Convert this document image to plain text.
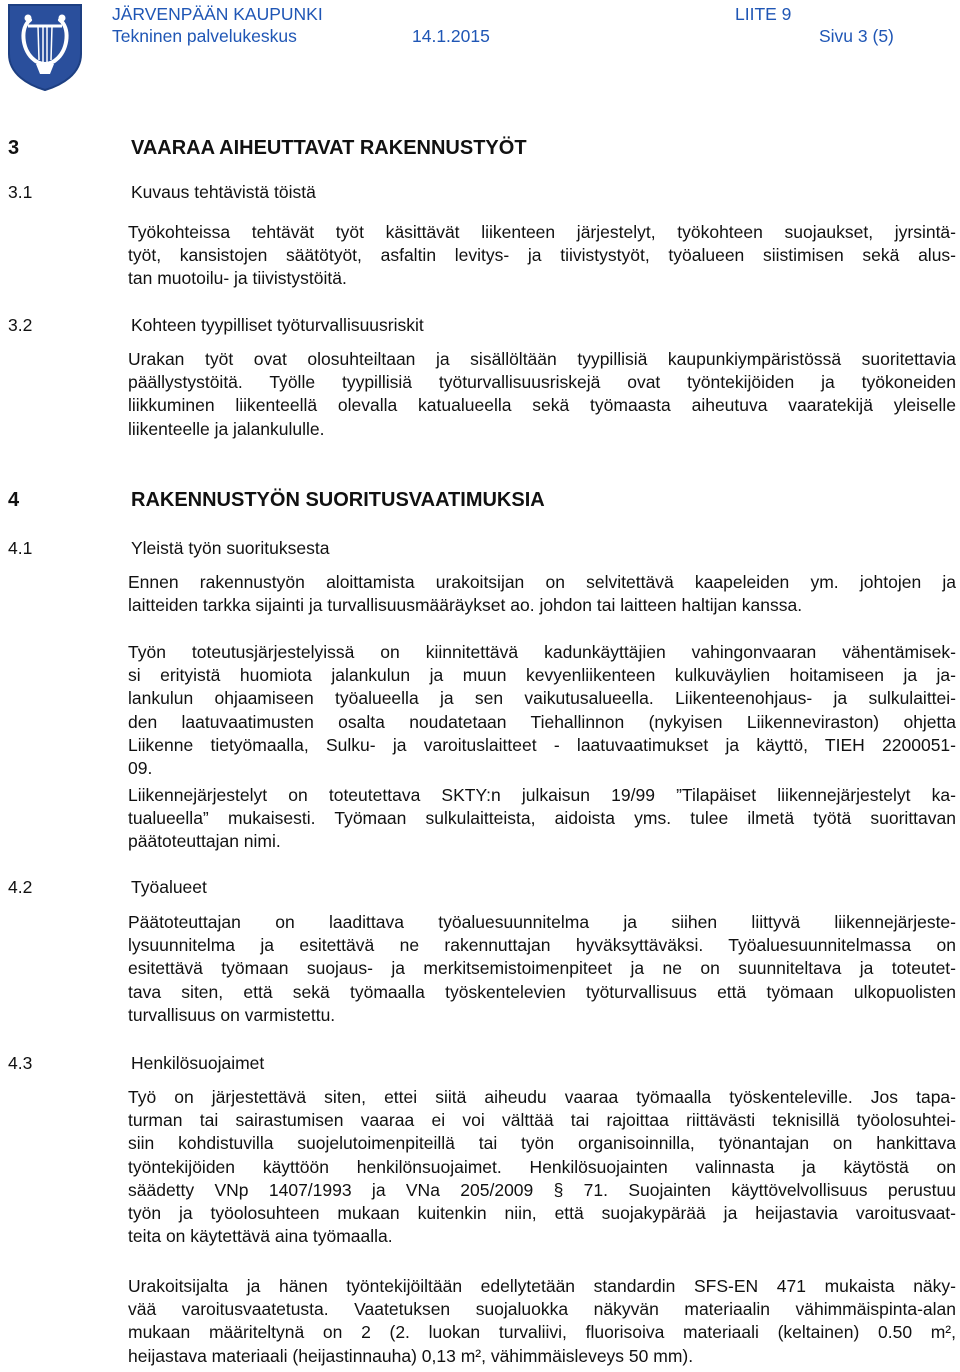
JÄRVENPÄÄN KAUPUNKI
Tekninen palvelukeskus	14.1.2015
LIITE 9
Sivu 3 (5)
3	VAARAA AIHEUTTAVAT RAKENNUSTYÖT
3.1	Kuvaus tehtävistä töistä
Työkohteissa tehtävät työt käsittävät liikenteen järjestelyt, työkohteen suojaukset, jyrsintä-
työt, kansistojen säätötyöt, asfaltin levitys- ja tiivistystyöt, työalueen siistimisen sekä alus-
tan muotoilu- ja tiivistystöitä.
3.2	Kohteen tyypilliset työturvallisuusriskit
Urakan työt ovat olosuhteiltaan ja sisällöltään tyypillisiä kaupunkiympäristössä suoritettavia
päällystystöitä. Työlle tyypillisiä työturvallisuusriskejä ovat työntekijöiden ja työkoneiden
liikkuminen liikenteellä olevalla katualueella sekä työmaasta aiheutuva vaaratekijä yleiselle
liikenteelle ja jalankululle.
4	RAKENNUSTYÖN SUORITUSVAATIMUKSIA
4.1	Yleistä työn suorituksesta
Ennen rakennustyön aloittamista urakoitsijan on selvitettävä kaapeleiden ym. johtojen ja
laitteiden tarkka sijainti ja turvallisuusmääräykset ao. johdon tai laitteen haltijan kanssa.
Työn toteutusjärjestelyissä on kiinnitettävä kadunkäyttäjien vahingonvaaran vähentämisek-
si erityistä huomiota jalankulun ja muun kevyenliikenteen kulkuväylien hoitamiseen ja ja-
lankulun ohjaamiseen työalueella ja sen vaikutusalueella. Liikenteenohjaus- ja sulkulaittei-
den laatuvaatimusten osalta noudatetaan Tiehallinnon (nykyisen Liikenneviraston) ohjetta
Liikenne tietyömaalla, Sulku- ja varoituslaitteet - laatuvaatimukset ja käyttö, TIEH 2200051-
09.
Liikennejärjestelyt on toteutettava SKTY:n julkaisun 19/99 ”Tilapäiset liikennejärjestelyt ka-
tualueella” mukaisesti. Työmaan sulkulaitteista, aidoista yms. tulee ilmetä työtä suorittavan
päätoteuttajan nimi.
4.2	Työalueet
Päätoteuttajan on laadittava työaluesuunnitelma ja siihen liittyvä liikennejärjeste-
lysuunnitelma ja esitettävä ne rakennuttajan hyväksyttäväksi. Työaluesuunnitelmassa on
esitettävä työmaan suojaus- ja merkitsemistoimenpiteet ja ne on suunniteltava ja toteutet-
tava siten, että sekä työmaalla työskentelevien työturvallisuus että työmaan ulkopuolisten
turvallisuus on varmistettu.
4.3	Henkilösuojaimet
Työ on järjestettävä siten, ettei siitä aiheudu vaaraa työmaalla työskenteleville. Jos tapa-
turman tai sairastumisen vaaraa ei voi välttää tai rajoittaa riittävästi teknisillä työolosuhtei-
siin kohdistuvilla suojelutoimenpiteillä tai työn organisoinnilla, työnantajan on hankittava
työntekijöiden käyttöön henkilönsuojaimet. Henkilösuojainten valinnasta ja käytöstä on
säädetty VNp 1407/1993 ja VNa 205/2009 § 71. Suojainten käyttövelvollisuus perustuu
työn ja työolosuhteen mukaan kuitenkin niin, että suojakypärää ja heijastavia varoitusvaat-
teita on käytettävä aina työmaalla.
Urakoitsijalta ja hänen työntekijöiltään edellytetään standardin SFS-EN 471 mukaista näky-
vää varoitusvaatetusta. Vaatetuksen suojaluokka näkyvän materiaalin vähimmäispinta-alan
mukaan määriteltynä on 2 (2. luokan turvaliivi, fluorisoiva materiaali (keltainen) 0.50 m²,
heijastava materiaali (heijastinnauha) 0,13 m², vähimmäisleveys 50 mm).
